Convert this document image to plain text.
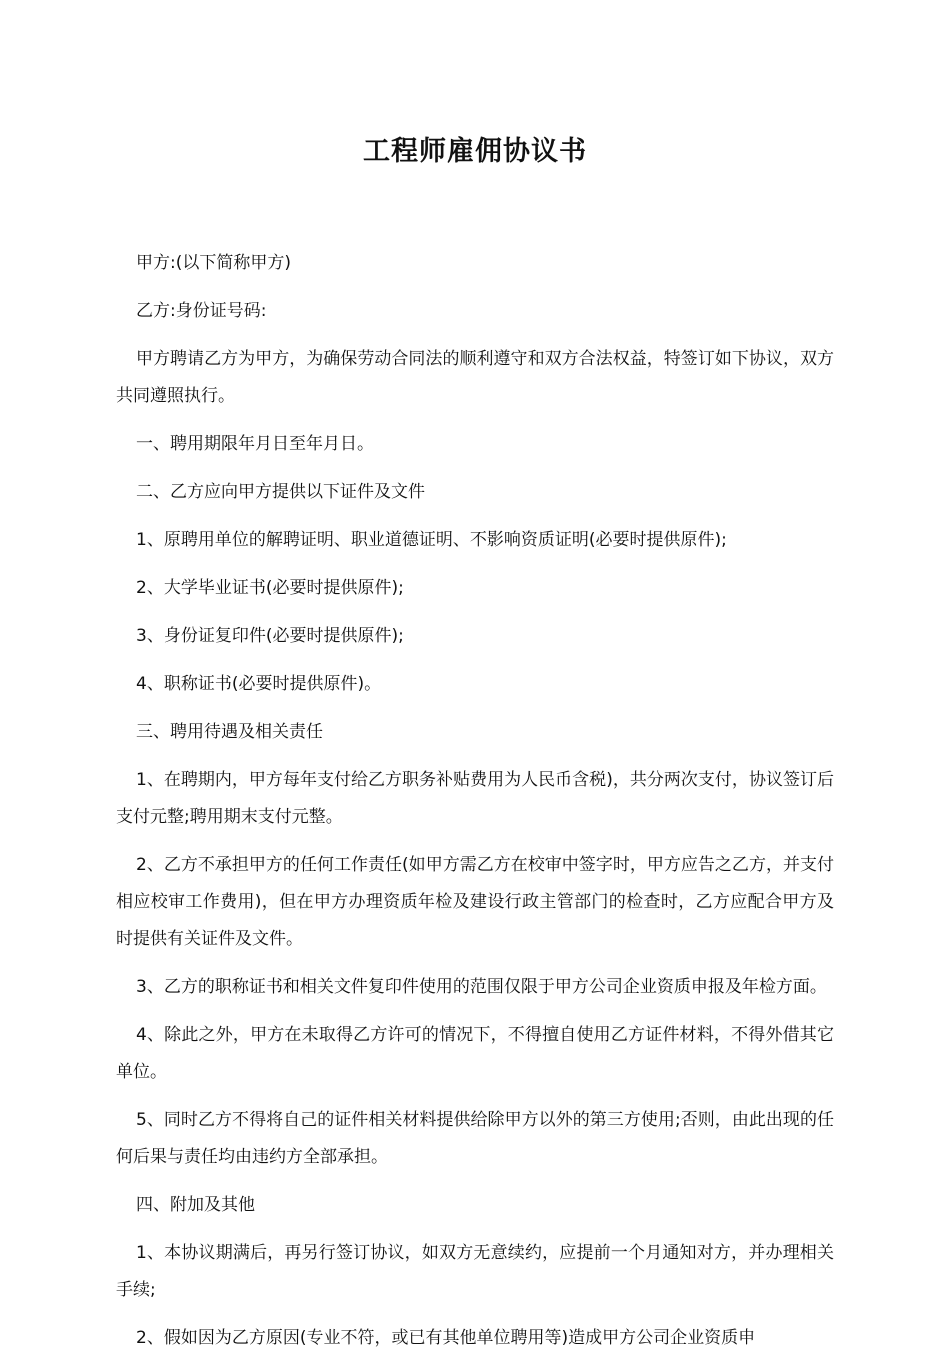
工程师雇佣协议书

甲方:(以下简称甲方)

乙方:身份证号码:

甲方聘请乙方为甲方，为确保劳动合同法的顺利遵守和双方合法权益，特签订如下协议，双方共同遵照执行。

一、聘用期限年月日至年月日。

二、乙方应向甲方提供以下证件及文件

1、原聘用单位的解聘证明、职业道德证明、不影响资质证明(必要时提供原件);

2、大学毕业证书(必要时提供原件);

3、身份证复印件(必要时提供原件);

4、职称证书(必要时提供原件)。

三、聘用待遇及相关责任

1、在聘期内，甲方每年支付给乙方职务补贴费用为人民币含税)，共分两次支付，协议签订后支付元整;聘用期末支付元整。

2、乙方不承担甲方的任何工作责任(如甲方需乙方在校审中签字时，甲方应告之乙方，并支付相应校审工作费用)，但在甲方办理资质年检及建设行政主管部门的检查时，乙方应配合甲方及时提供有关证件及文件。

3、乙方的职称证书和相关文件复印件使用的范围仅限于甲方公司企业资质申报及年检方面。

4、除此之外，甲方在未取得乙方许可的情况下，不得擅自使用乙方证件材料，不得外借其它单位。

5、同时乙方不得将自己的证件相关材料提供给除甲方以外的第三方使用;否则，由此出现的任何后果与责任均由违约方全部承担。

四、附加及其他

1、本协议期满后，再另行签订协议，如双方无意续约，应提前一个月通知对方，并办理相关手续;

2、假如因为乙方原因(专业不符，或已有其他单位聘用等)造成甲方公司企业资质申
